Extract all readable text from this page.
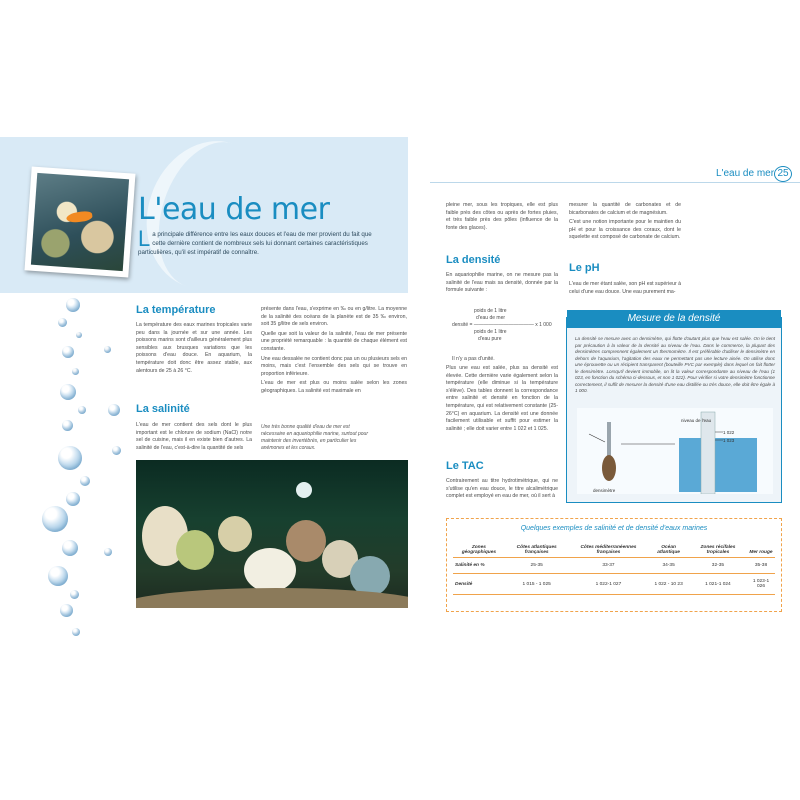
L'eau de mer

La principale différence entre les eaux douces et l'eau de mer provient du fait que cette dernière contient de nombreux sels lui donnant certaines caractéristiques particulières, qu'il est impératif de connaître.

L'eau de mer 25
La température
La température des eaux marines tropicales varie peu dans la journée et sur une année. Les poissons marins sont d'ailleurs généralement plus sensibles aux brusques variations que les poissons d'eau douce. En aquarium, la température doit donc être assez stable, aux alentours de 25 à 26 °C.
La salinité
L'eau de mer contient des sels dont le plus important est le chlorure de sodium (NaCl) notre sel de cuisine, mais il en existe bien d'autres. La salinité de l'eau, c'est-à-dire la quantité de sels

présente dans l'eau, s'exprime en ‰ ou en g/litre. La moyenne de la salinité des océans de la planète est de 35 ‰ environ, soit 35 g/litre de sels environ.

Quelle que soit la valeur de la salinité, l'eau de mer présente une propriété remarquable : la quantité de chaque élément est constante.

Une eau dessalée ne contient donc pas un ou plusieurs sels en moins, mais c'est l'ensemble des sels qui se trouve en proportion inférieure.

L'eau de mer est plus ou moins salée selon les zones géographiques. La salinité est maximale en

Une très bonne qualité d'eau de mer est nécessaire en aquariophilie marine, surtout pour maintenir des invertébrés, en particulier les anémones et les coraux.
pleine mer, sous les tropiques, elle est plus faible près des côtes ou après de fortes pluies, et très faible près des pôles (influence de la fonte des glaces).
La densité
En aquariophilie marine, on ne mesure pas la salinité de l'eau mais sa densité, donnée par la formule suivante :
poids de 1 litre
d'eau de mer
densité = ———————————— x 1 000
poids de 1 litre
d'eau pure
Il n'y a pas d'unité.
Plus une eau est salée, plus sa densité est élevée. Cette dernière varie également selon la température (elle diminue si la température s'élève). Des tables donnent la correspondance entre salinité et densité en fonction de la température, qui est relativement constante (25-26°C) en aquarium. La densité est une donnée facilement utilisable et suffit pour estimer la salinité ; elle doit varier entre 1 022 et 1 025.
Le TAC
Contrairement au titre hydrotimétrique, qui ne s'utilise qu'en eau douce, le titre alcalimétrique complet est employé en eau de mer, où il sert à

mesurer la quantité de carbonates et de bicarbonates de calcium et de magnésium.

C'est une notion importante pour le maintien du pH et pour la croissance des coraux, dont le squelette est composé de carbonate de calcium.

Le pH
L'eau de mer étant salée, son pH est supérieur à celui d'une eau douce. Une eau purement ma-
Mesure de la densité
La densité se mesure avec un densimètre, qui flotte d'autant plus que l'eau est salée. On le tient par précaution à la valeur de la densité au niveau de l'eau. Dans le commerce, la plupart des densimètres comprennent également un thermomètre. Il est préférable d'utiliser le densimètre en dehors de l'aquarium, l'agitation des eaux ne permettant pas une lecture aisée. On utilise donc une éprouvette ou un récipient transparent (bouteille PVC par exemple) dans lequel on fait flotter le densimètre. Lorsqu'il devient immobile, on lit la valeur correspondante au niveau de l'eau (1 023, en fonction du schéma ci-dessous, et non 1 022). Pour vérifier si votre densimètre fonctionne correctement, il suffit de mesurer la densité d'une eau distillée ou très douce, elle doit être égale à 1 000.
1 022
1 023
niveau de l'eau
densimètre
Quelques exemples de salinité et de densité d'eaux marines
Zones géographiques	Côtes atlantiques françaises	Côtes méditerranéennes françaises	Océan atlantique	Zones récifales tropicales	Mer rouge
Salinité en %	25-35	33-37	34-35	32-35	35-38
Densité	1 015 - 1 025	1 022-1 027	1 022 - 10 23	1 021-1 024	1 023-1 026
